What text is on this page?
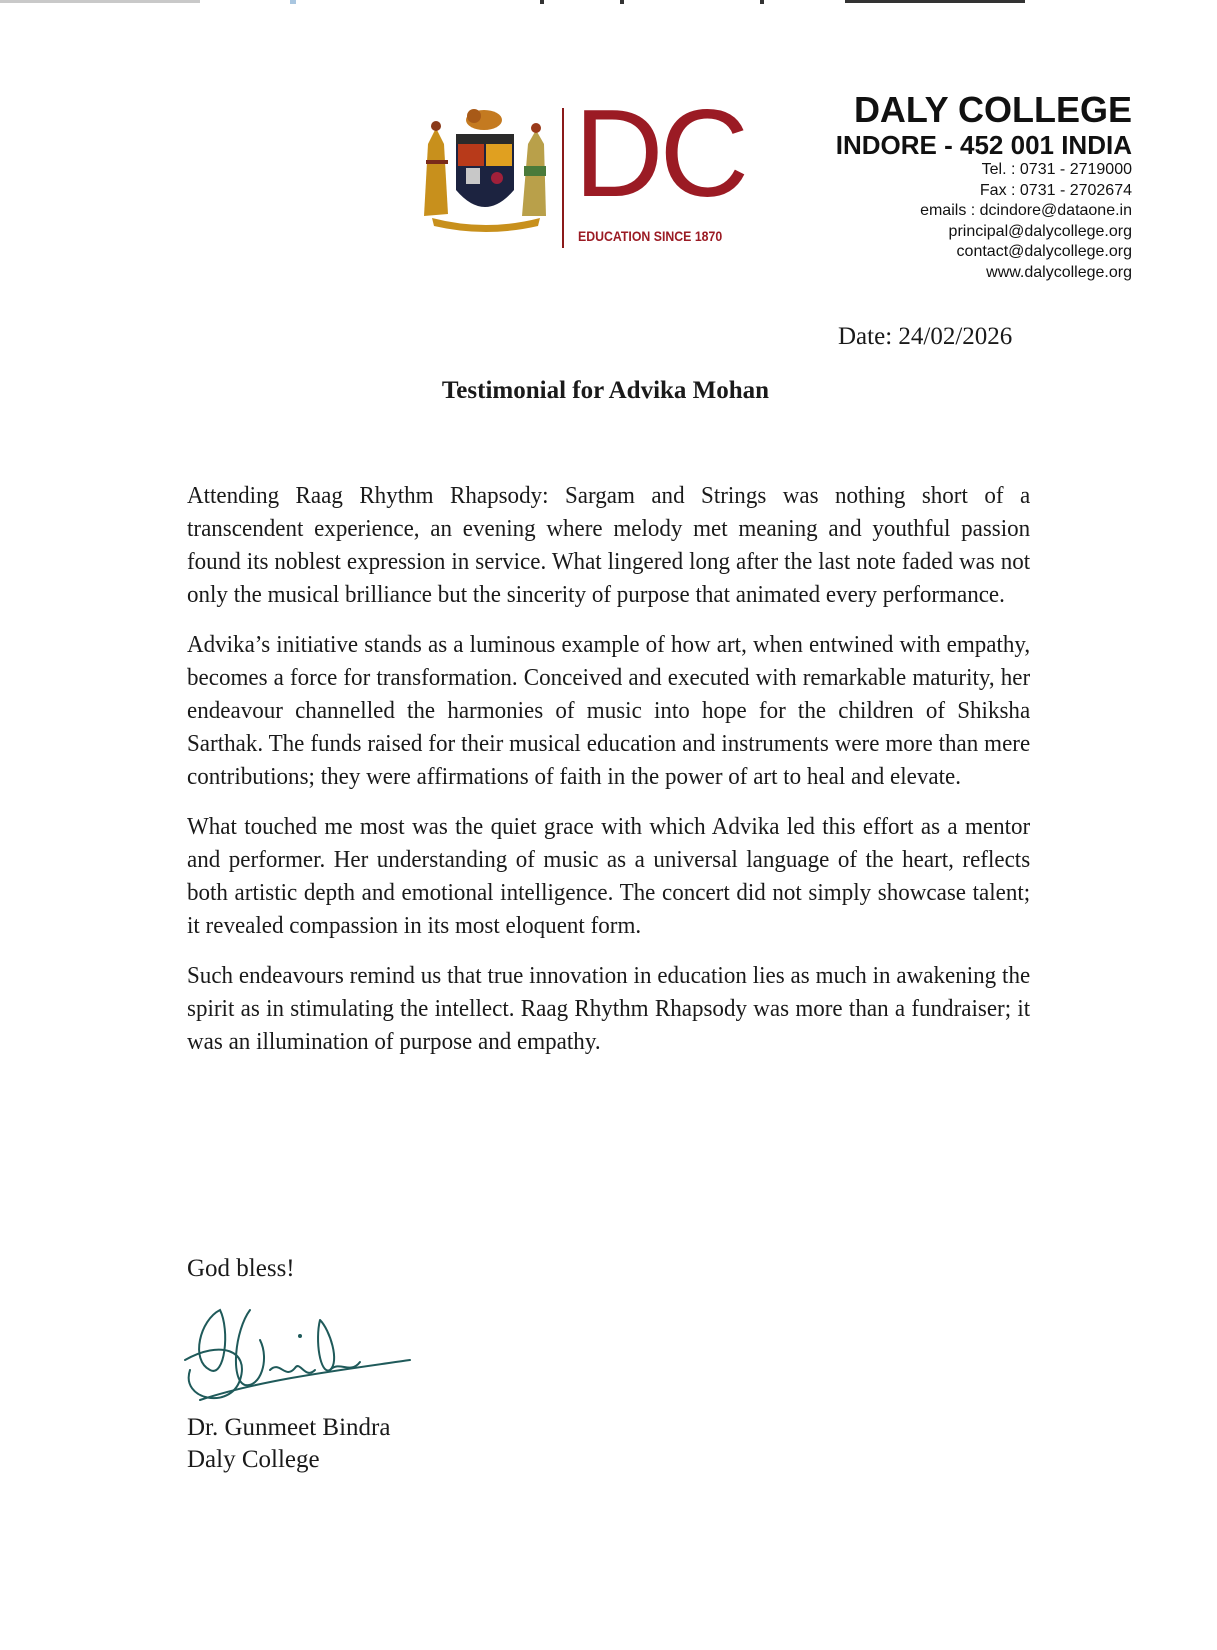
DC
EDUCATION SINCE 1870
DALY COLLEGE
INDORE - 452 001 INDIA
Tel. : 0731 - 2719000
Fax : 0731 - 2702674
emails : dcindore@dataone.in
principal@dalycollege.org
contact@dalycollege.org
www.dalycollege.org
Date: 24/02/2026
Testimonial for Advika Mohan

Attending Raag Rhythm Rhapsody: Sargam and Strings was nothing short of a transcendent experience, an evening where melody met meaning and youthful passion found its noblest expression in service. What lingered long after the last note faded was not only the musical brilliance but the sincerity of purpose that animated every performance.

Advika’s initiative stands as a luminous example of how art, when entwined with empathy, becomes a force for transformation. Conceived and executed with remarkable maturity, her endeavour channelled the harmonies of music into hope for the children of Shiksha Sarthak. The funds raised for their musical education and instruments were more than mere contributions; they were affirmations of faith in the power of art to heal and elevate.

What touched me most was the quiet grace with which Advika led this effort as a mentor and performer. Her understanding of music as a universal language of the heart, reflects both artistic depth and emotional intelligence. The concert did not simply showcase talent; it revealed compassion in its most eloquent form.

Such endeavours remind us that true innovation in education lies as much in awakening the spirit as in stimulating the intellect. Raag Rhythm Rhapsody was more than a fundraiser; it was an illumination of purpose and empathy.

God bless!
Dr. Gunmeet Bindra
Daly College
